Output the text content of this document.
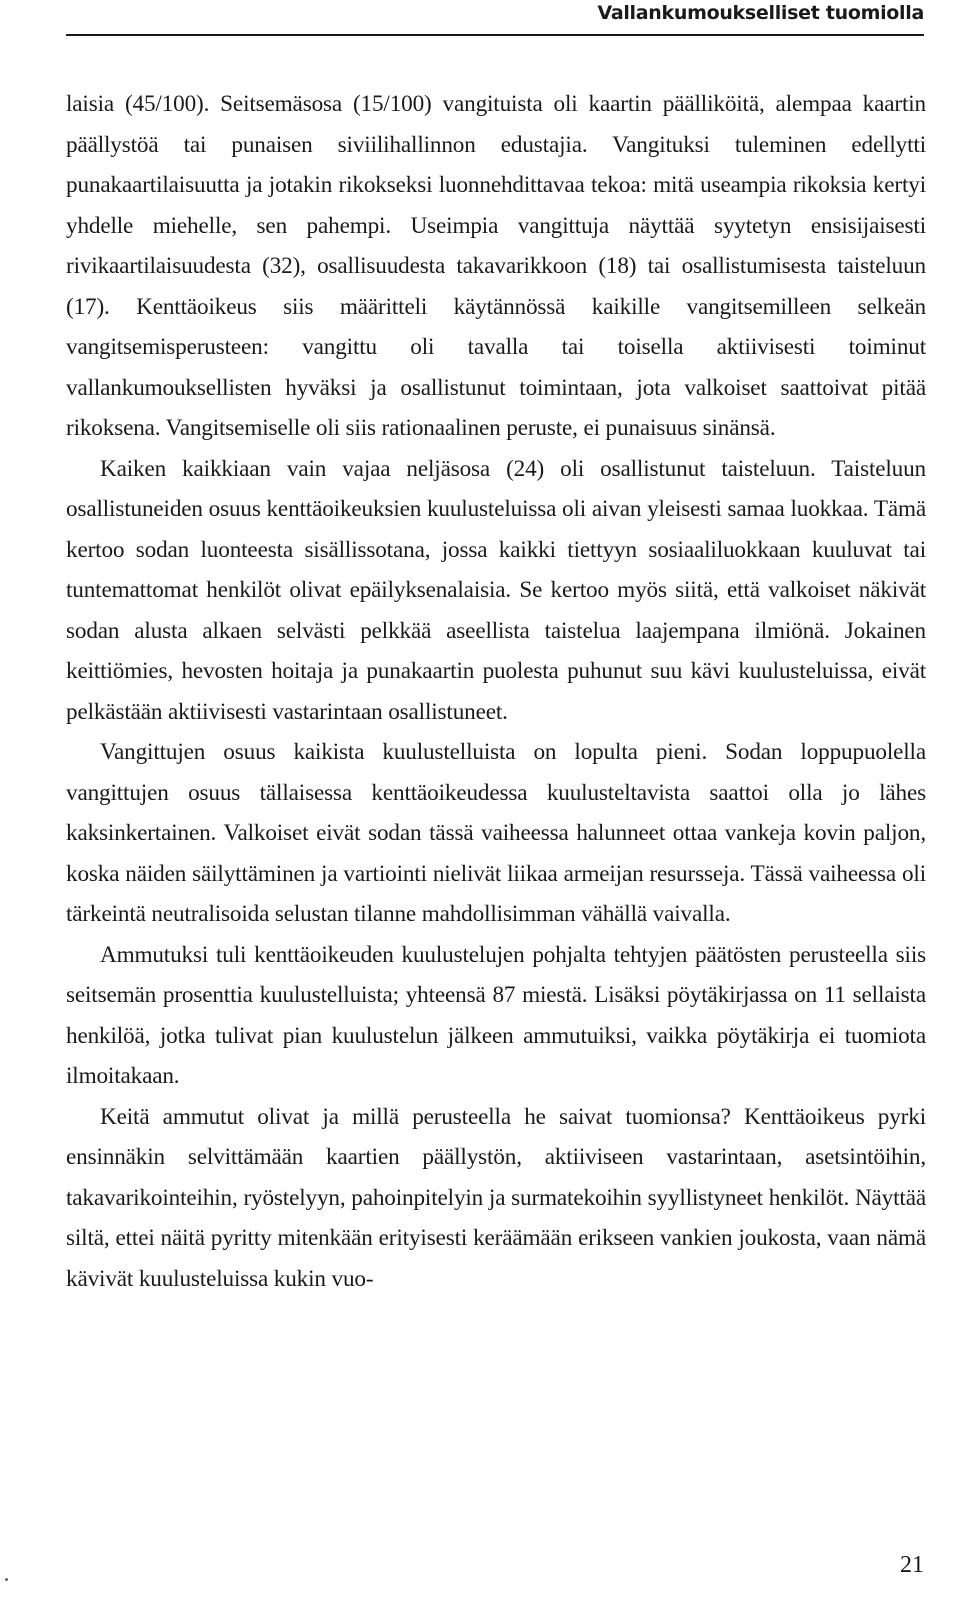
Vallankumoukselliset tuomiolla

laisia (45/100). Seitsemäsosa (15/100) vangituista oli kaartin päälliköitä, alempaa kaartin päällystöä tai punaisen siviilihallinnon edustajia. Vangituksi tuleminen edellytti punakaartilaisuutta ja jotakin rikokseksi luonnehdittavaa tekoa: mitä useampia rikoksia kertyi yhdelle miehelle, sen pahempi. Useimpia vangittuja näyttää syytetyn ensisijaisesti rivikaartilaisuudesta (32), osallisuudesta takavarikkoon (18) tai osallistumisesta taisteluun (17). Kenttäoikeus siis määritteli käytännössä kaikille vangitsemilleen selkeän vangitsemisperusteen: vangittu oli tavalla tai toisella aktiivisesti toiminut vallankumouksellisten hyväksi ja osallistunut toimintaan, jota valkoiset saattoivat pitää rikoksena. Vangitsemiselle oli siis rationaalinen peruste, ei punaisuus sinänsä.

Kaiken kaikkiaan vain vajaa neljäsosa (24) oli osallistunut taisteluun. Taisteluun osallistuneiden osuus kenttäoikeuksien kuulusteluissa oli aivan yleisesti samaa luokkaa. Tämä kertoo sodan luonteesta sisällissotana, jossa kaikki tiettyyn sosiaaliluokkaan kuuluvat tai tuntemattomat henkilöt olivat epäilyksenalaisia. Se kertoo myös siitä, että valkoiset näkivät sodan alusta alkaen selvästi pelkkää aseellista taistelua laajempana ilmiönä. Jokainen keittiömies, hevosten hoitaja ja punakaartin puolesta puhunut suu kävi kuulusteluissa, eivät pelkästään aktiivisesti vastarintaan osallistuneet.

Vangittujen osuus kaikista kuulustelluista on lopulta pieni. Sodan loppupuolella vangittujen osuus tällaisessa kenttäoikeudessa kuulusteltavista saattoi olla jo lähes kaksinkertainen. Valkoiset eivät sodan tässä vaiheessa halunneet ottaa vankeja kovin paljon, koska näiden säilyttäminen ja vartiointi nielivät liikaa armeijan resursseja. Tässä vaiheessa oli tärkeintä neutralisoida selustan tilanne mahdollisimman vähällä vaivalla.

Ammutuksi tuli kenttäoikeuden kuulustelujen pohjalta tehtyjen päätösten perusteella siis seitsemän prosenttia kuulustelluista; yhteensä 87 miestä. Lisäksi pöytäkirjassa on 11 sellaista henkilöä, jotka tulivat pian kuulustelun jälkeen ammutuiksi, vaikka pöytäkirja ei tuomiota ilmoitakaan.

Keitä ammutut olivat ja millä perusteella he saivat tuomionsa? Kenttäoikeus pyrki ensinnäkin selvittämään kaartien päällystön, aktiiviseen vastarintaan, asetsintöihin, takavarikointeihin, ryöstelyyn, pahoinpitelyin ja surmatekoihin syyllistyneet henkilöt. Näyttää siltä, ettei näitä pyritty mitenkään erityisesti keräämään erikseen vankien joukosta, vaan nämä kävivät kuulusteluissa kukin vuo-

21
